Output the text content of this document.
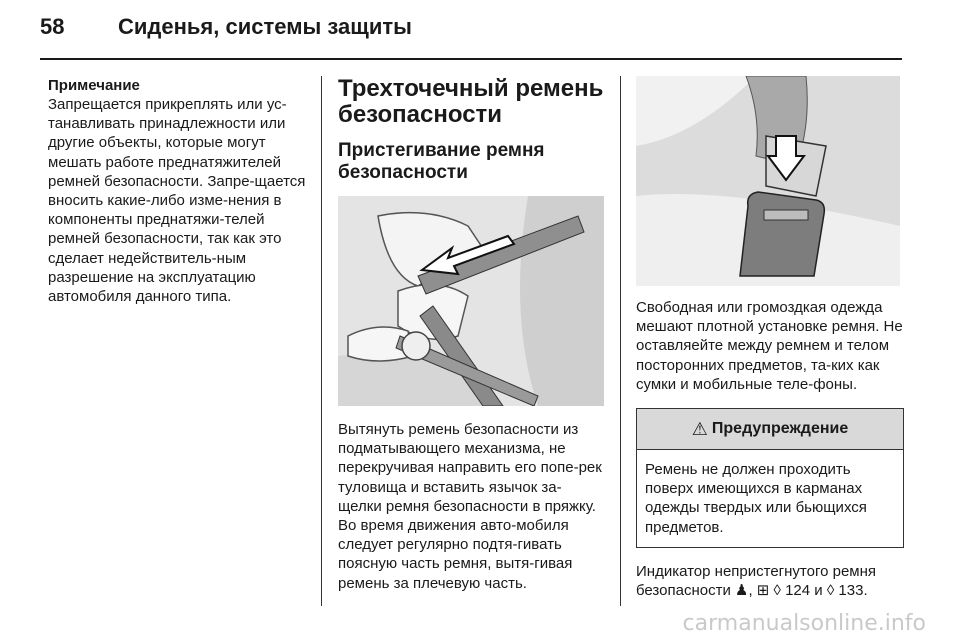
58 Сиденья, системы защиты
Примечание

Запрещается прикреплять или ус-танавливать принадлежности или другие объекты, которые могут мешать работе преднатяжителей ремней безопасности. Запре-щается вносить какие-либо изме-нения в компоненты преднатяжи-телей ремней безопасности, так как это сделает недействитель-ным разрешение на эксплуатацию автомобиля данного типа.

Трехточечный ремень безопасности
Пристегивание ремня безопасности

Вытянуть ремень безопасности из подматывающего механизма, не перекручивая направить его попе-рек туловища и вставить язычок за-щелки ремня безопасности в пряжку. Во время движения авто-мобиля следует регулярно подтя-гивать поясную часть ремня, вытя-гивая ремень за плечевую часть.

Свободная или громоздкая одежда мешают плотной установке ремня. Не оставляейте между ремнем и телом посторонних предметов, та-ких как сумки и мобильные теле-фоны.

⚠ Предупреждение

Ремень не должен проходить поверх имеющихся в карманах одежды твердых или бьющихся предметов.

Индикатор непристегнутого ремня безопасности ♟, ⊞ ◊ 124 и ◊ 133.

carmanualsonline.info
